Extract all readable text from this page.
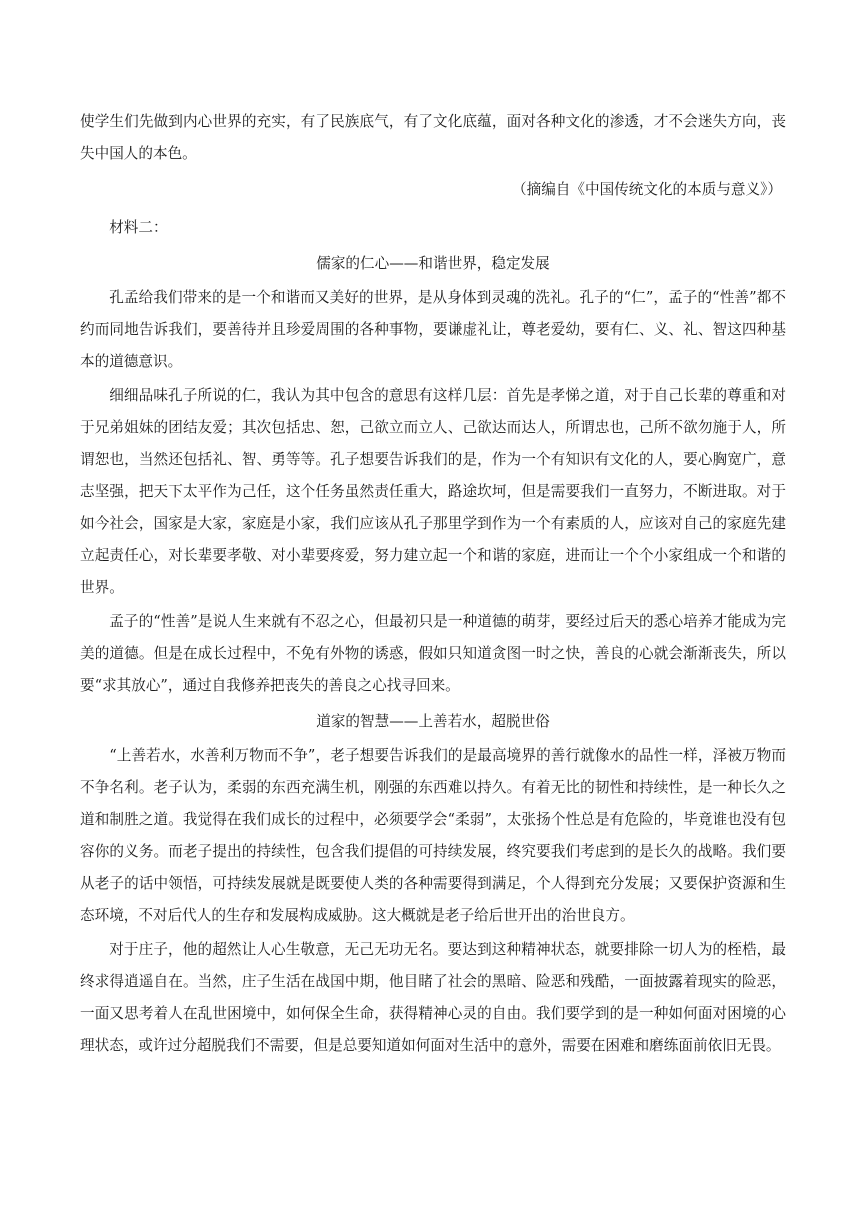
使学生们先做到内心世界的充实，有了民族底气，有了文化底蕴，面对各种文化的渗透，才不会迷失方向，丧失中国人的本色。

（摘编自《中国传统文化的本质与意义》）

材料二：

儒家的仁心——和谐世界，稳定发展

孔孟给我们带来的是一个和谐而又美好的世界，是从身体到灵魂的洗礼。孔子的“仁”，孟子的“性善”都不约而同地告诉我们，要善待并且珍爱周围的各种事物，要谦虚礼让，尊老爱幼，要有仁、义、礼、智这四种基本的道德意识。

细细品味孔子所说的仁，我认为其中包含的意思有这样几层：首先是孝悌之道，对于自己长辈的尊重和对于兄弟姐妹的团结友爱；其次包括忠、恕，己欲立而立人、己欲达而达人，所谓忠也，己所不欲勿施于人，所谓恕也，当然还包括礼、智、勇等等。孔子想要告诉我们的是，作为一个有知识有文化的人，要心胸宽广，意志坚强，把天下太平作为己任，这个任务虽然责任重大，路途坎坷，但是需要我们一直努力，不断进取。对于如今社会，国家是大家，家庭是小家，我们应该从孔子那里学到作为一个有素质的人，应该对自己的家庭先建立起责任心，对长辈要孝敬、对小辈要疼爱，努力建立起一个和谐的家庭，进而让一个个小家组成一个和谐的世界。

孟子的“性善”是说人生来就有不忍之心，但最初只是一种道德的萌芽，要经过后天的悉心培养才能成为完美的道德。但是在成长过程中，不免有外物的诱惑，假如只知道贪图一时之快，善良的心就会渐渐丧失，所以要“求其放心”，通过自我修养把丧失的善良之心找寻回来。

道家的智慧——上善若水，超脱世俗

“上善若水，水善利万物而不争”，老子想要告诉我们的是最高境界的善行就像水的品性一样，泽被万物而不争名利。老子认为，柔弱的东西充满生机，刚强的东西难以持久。有着无比的韧性和持续性，是一种长久之道和制胜之道。我觉得在我们成长的过程中，必须要学会“柔弱”，太张扬个性总是有危险的，毕竟谁也没有包容你的义务。而老子提出的持续性，包含我们提倡的可持续发展，终究要我们考虑到的是长久的战略。我们要从老子的话中领悟，可持续发展就是既要使人类的各种需要得到满足，个人得到充分发展；又要保护资源和生态环境，不对后代人的生存和发展构成威胁。这大概就是老子给后世开出的治世良方。

对于庄子，他的超然让人心生敬意，无己无功无名。要达到这种精神状态，就要排除一切人为的桎梏，最终求得逍遥自在。当然，庄子生活在战国中期，他目睹了社会的黑暗、险恶和残酷，一面披露着现实的险恶，一面又思考着人在乱世困境中，如何保全生命，获得精神心灵的自由。我们要学到的是一种如何面对困境的心理状态，或许过分超脱我们不需要，但是总要知道如何面对生活中的意外，需要在困难和磨练面前依旧无畏。
